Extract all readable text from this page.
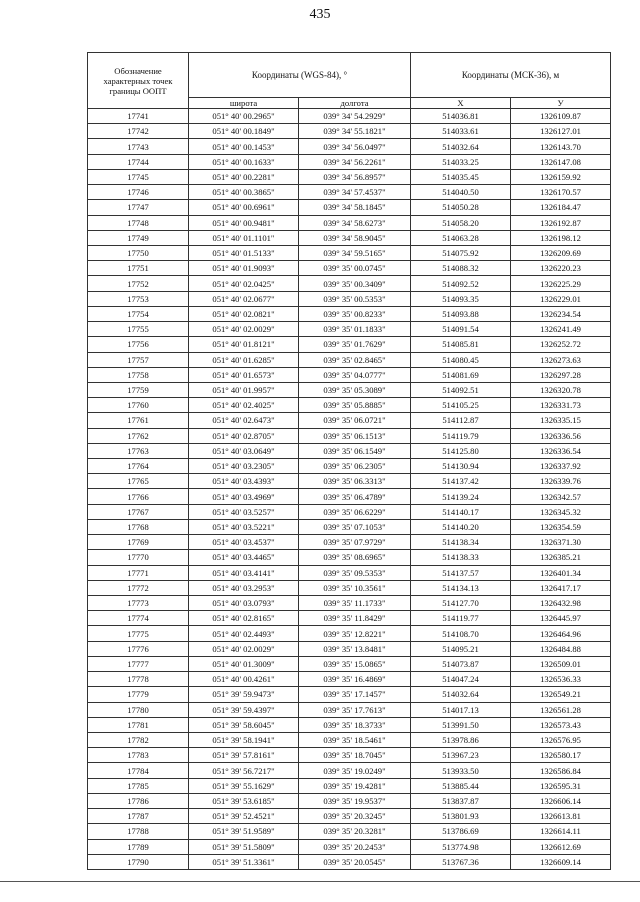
435
Обозначение характерных точек границы ООПТ	Координаты (WGS-84), °		Координаты (МСК-36), м	
	широта	долгота	X	У
17741	051° 40' 00.2965"	039° 34' 54.2929"	514036.81	1326109.87
17742	051° 40' 00.1849"	039° 34' 55.1821"	514033.61	1326127.01
17743	051° 40' 00.1453"	039° 34' 56.0497"	514032.64	1326143.70
17744	051° 40' 00.1633"	039° 34' 56.2261"	514033.25	1326147.08
17745	051° 40' 00.2281"	039° 34' 56.8957"	514035.45	1326159.92
17746	051° 40' 00.3865"	039° 34' 57.4537"	514040.50	1326170.57
17747	051° 40' 00.6961"	039° 34' 58.1845"	514050.28	1326184.47
17748	051° 40' 00.9481"	039° 34' 58.6273"	514058.20	1326192.87
17749	051° 40' 01.1101"	039° 34' 58.9045"	514063.28	1326198.12
17750	051° 40' 01.5133"	039° 34' 59.5165"	514075.92	1326209.69
17751	051° 40' 01.9093"	039° 35' 00.0745"	514088.32	1326220.23
17752	051° 40' 02.0425"	039° 35' 00.3409"	514092.52	1326225.29
17753	051° 40' 02.0677"	039° 35' 00.5353"	514093.35	1326229.01
17754	051° 40' 02.0821"	039° 35' 00.8233"	514093.88	1326234.54
17755	051° 40' 02.0029"	039° 35' 01.1833"	514091.54	1326241.49
17756	051° 40' 01.8121"	039° 35' 01.7629"	514085.81	1326252.72
17757	051° 40' 01.6285"	039° 35' 02.8465"	514080.45	1326273.63
17758	051° 40' 01.6573"	039° 35' 04.0777"	514081.69	1326297.28
17759	051° 40' 01.9957"	039° 35' 05.3089"	514092.51	1326320.78
17760	051° 40' 02.4025"	039° 35' 05.8885"	514105.25	1326331.73
17761	051° 40' 02.6473"	039° 35' 06.0721"	514112.87	1326335.15
17762	051° 40' 02.8705"	039° 35' 06.1513"	514119.79	1326336.56
17763	051° 40' 03.0649"	039° 35' 06.1549"	514125.80	1326336.54
17764	051° 40' 03.2305"	039° 35' 06.2305"	514130.94	1326337.92
17765	051° 40' 03.4393"	039° 35' 06.3313"	514137.42	1326339.76
17766	051° 40' 03.4969"	039° 35' 06.4789"	514139.24	1326342.57
17767	051° 40' 03.5257"	039° 35' 06.6229"	514140.17	1326345.32
17768	051° 40' 03.5221"	039° 35' 07.1053"	514140.20	1326354.59
17769	051° 40' 03.4537"	039° 35' 07.9729"	514138.34	1326371.30
17770	051° 40' 03.4465"	039° 35' 08.6965"	514138.33	1326385.21
17771	051° 40' 03.4141"	039° 35' 09.5353"	514137.57	1326401.34
17772	051° 40' 03.2953"	039° 35' 10.3561"	514134.13	1326417.17
17773	051° 40' 03.0793"	039° 35' 11.1733"	514127.70	1326432.98
17774	051° 40' 02.8165"	039° 35' 11.8429"	514119.77	1326445.97
17775	051° 40' 02.4493"	039° 35' 12.8221"	514108.70	1326464.96
17776	051° 40' 02.0029"	039° 35' 13.8481"	514095.21	1326484.88
17777	051° 40' 01.3009"	039° 35' 15.0865"	514073.87	1326509.01
17778	051° 40' 00.4261"	039° 35' 16.4869"	514047.24	1326536.33
17779	051° 39' 59.9473"	039° 35' 17.1457"	514032.64	1326549.21
17780	051° 39' 59.4397"	039° 35' 17.7613"	514017.13	1326561.28
17781	051° 39' 58.6045"	039° 35' 18.3733"	513991.50	1326573.43
17782	051° 39' 58.1941"	039° 35' 18.5461"	513978.86	1326576.95
17783	051° 39' 57.8161"	039° 35' 18.7045"	513967.23	1326580.17
17784	051° 39' 56.7217"	039° 35' 19.0249"	513933.50	1326586.84
17785	051° 39' 55.1629"	039° 35' 19.4281"	513885.44	1326595.31
17786	051° 39' 53.6185"	039° 35' 19.9537"	513837.87	1326606.14
17787	051° 39' 52.4521"	039° 35' 20.3245"	513801.93	1326613.81
17788	051° 39' 51.9589"	039° 35' 20.3281"	513786.69	1326614.11
17789	051° 39' 51.5809"	039° 35' 20.2453"	513774.98	1326612.69
17790	051° 39' 51.3361"	039° 35' 20.0545"	513767.36	1326609.14
